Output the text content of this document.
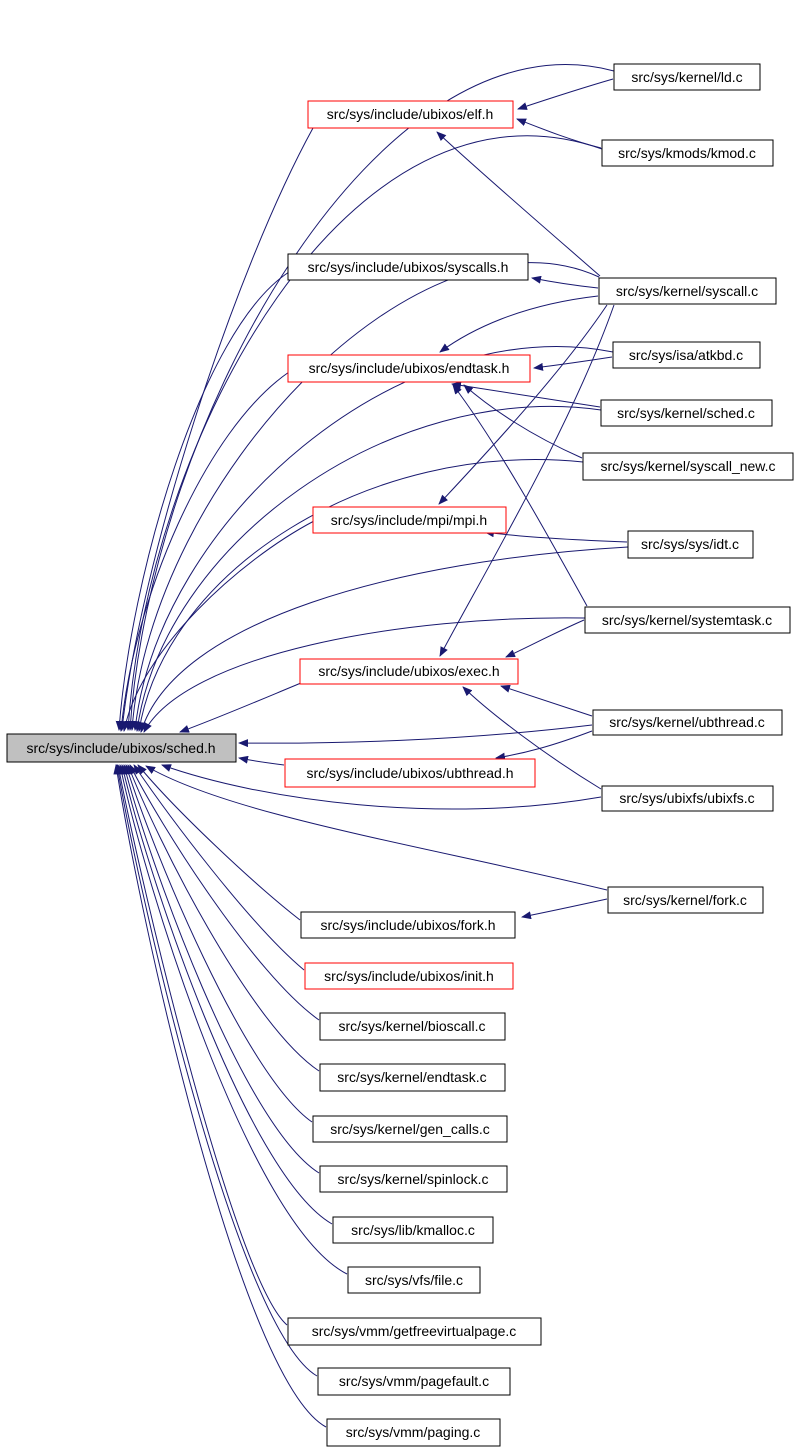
src/sys/kernel/ld.c
src/sys/include/ubixos/elf.h
src/sys/kmods/kmod.c
src/sys/include/ubixos/syscalls.h
src/sys/kernel/syscall.c
src/sys/isa/atkbd.c
src/sys/include/ubixos/endtask.h
src/sys/kernel/sched.c
src/sys/kernel/syscall_new.c
src/sys/include/mpi/mpi.h
src/sys/sys/idt.c
src/sys/kernel/systemtask.c
src/sys/include/ubixos/exec.h
src/sys/kernel/ubthread.c
src/sys/include/ubixos/sched.h
src/sys/include/ubixos/ubthread.h
src/sys/ubixfs/ubixfs.c
src/sys/kernel/fork.c
src/sys/include/ubixos/fork.h
src/sys/include/ubixos/init.h
src/sys/kernel/bioscall.c
src/sys/kernel/endtask.c
src/sys/kernel/gen_calls.c
src/sys/kernel/spinlock.c
src/sys/lib/kmalloc.c
src/sys/vfs/file.c
src/sys/vmm/getfreevirtualpage.c
src/sys/vmm/pagefault.c
src/sys/vmm/paging.c
